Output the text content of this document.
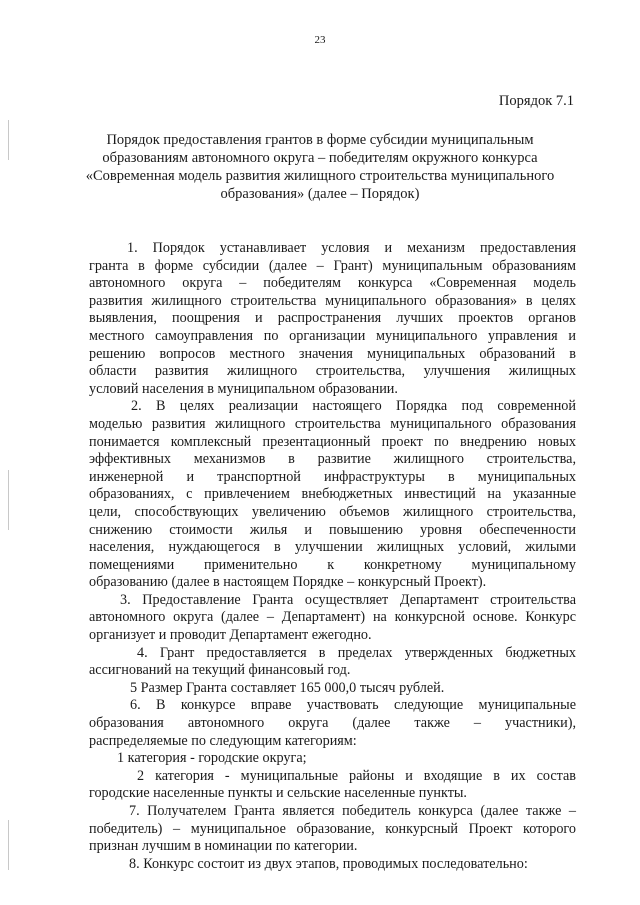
23
Порядок 7.1
Порядок предоставления грантов в форме субсидии муниципальным
образованиям автономного округа – победителям окружного конкурса
«Современная модель развития жилищного строительства муниципального
образования» (далее – Порядок)
1. Порядок устанавливает условия и механизм предоставления
гранта в форме субсидии (далее – Грант) муниципальным образованиям
автономного округа – победителям конкурса «Современная модель
развития жилищного строительства муниципального образования» в целях
выявления, поощрения и распространения лучших проектов органов
местного самоуправления по организации муниципального управления и
решению вопросов местного значения муниципальных образований в
области развития жилищного строительства, улучшения жилищных
условий населения в муниципальном образовании.
2. В целях реализации настоящего Порядка под современной
моделью развития жилищного строительства муниципального образования
понимается комплексный презентационный проект по внедрению новых
эффективных механизмов в развитие жилищного строительства,
инженерной и транспортной инфраструктуры в муниципальных
образованиях, с привлечением внебюджетных инвестиций на указанные
цели, способствующих увеличению объемов жилищного строительства,
снижению стоимости жилья и повышению уровня обеспеченности
населения, нуждающегося в улучшении жилищных условий, жилыми
помещениями применительно к конкретному муниципальному
образованию (далее в настоящем Порядке – конкурсный Проект).
3. Предоставление Гранта осуществляет Департамент строительства
автономного округа (далее – Департамент) на конкурсной основе. Конкурс
организует и проводит Департамент ежегодно.
4. Грант предоставляется в пределах утвержденных бюджетных
ассигнований на текущий финансовый год.
5 Размер Гранта составляет 165 000,0 тысяч рублей.
6. В конкурсе вправе участвовать следующие муниципальные
образования автономного округа (далее также – участники),
распределяемые по следующим категориям:
1 категория - городские округа;
2 категория - муниципальные районы и входящие в их состав
городские населенные пункты и сельские населенные пункты.
7. Получателем Гранта является победитель конкурса (далее также –
победитель) – муниципальное образование, конкурсный Проект которого
признан лучшим в номинации по категории.
8. Конкурс состоит из двух этапов, проводимых последовательно:
